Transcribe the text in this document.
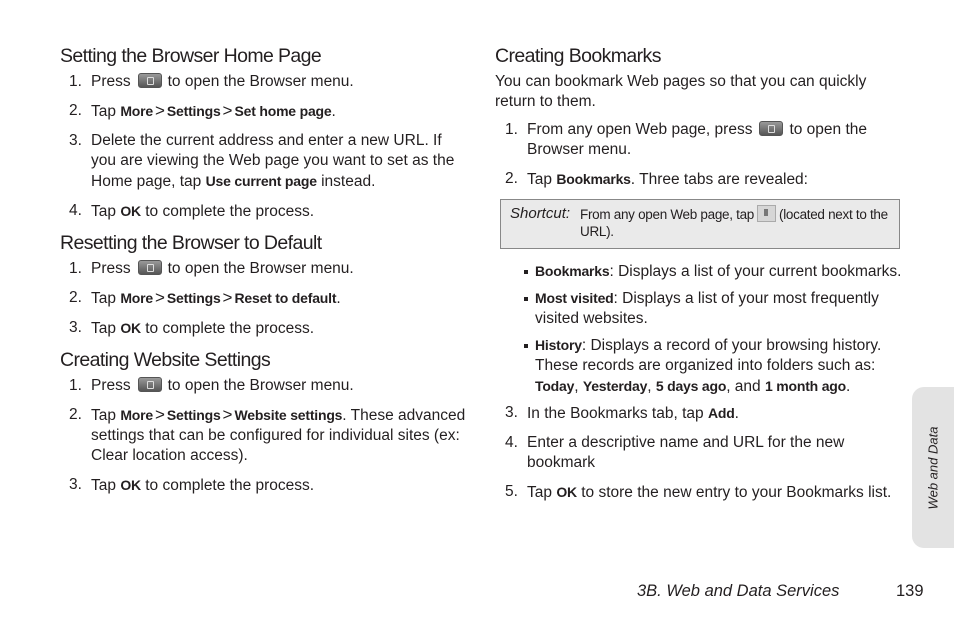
Setting the Browser Home Page
1. Press to open the Browser menu.
2. Tap More > Settings > Set home page.
3. Delete the current address and enter a new URL. If you are viewing the Web page you want to set as the Home page, tap Use current page instead.
4. Tap OK to complete the process.
Resetting the Browser to Default
1. Press to open the Browser menu.
2. Tap More > Settings > Reset to default.
3. Tap OK to complete the process.
Creating Website Settings
1. Press to open the Browser menu.
2. Tap More > Settings > Website settings. These advanced settings that can be configured for individual sites (ex: Clear location access).
3. Tap OK to complete the process.
Creating Bookmarks

You can bookmark Web pages so that you can quickly return to them.

1. From any open Web page, press to open the Browser menu.
2. Tap Bookmarks. Three tabs are revealed:
Shortcut: From any open Web page, tap (located next to the URL).
Bookmarks: Displays a list of your current bookmarks.
Most visited: Displays a list of your most frequently visited websites.
History: Displays a record of your browsing history. These records are organized into folders such as: Today, Yesterday, 5 days ago, and 1 month ago.
3. In the Bookmarks tab, tap Add.
4. Enter a descriptive name and URL for the new bookmark
5. Tap OK to store the new entry to your Bookmarks list.	Web and Data
3B. Web and Data Services	139
